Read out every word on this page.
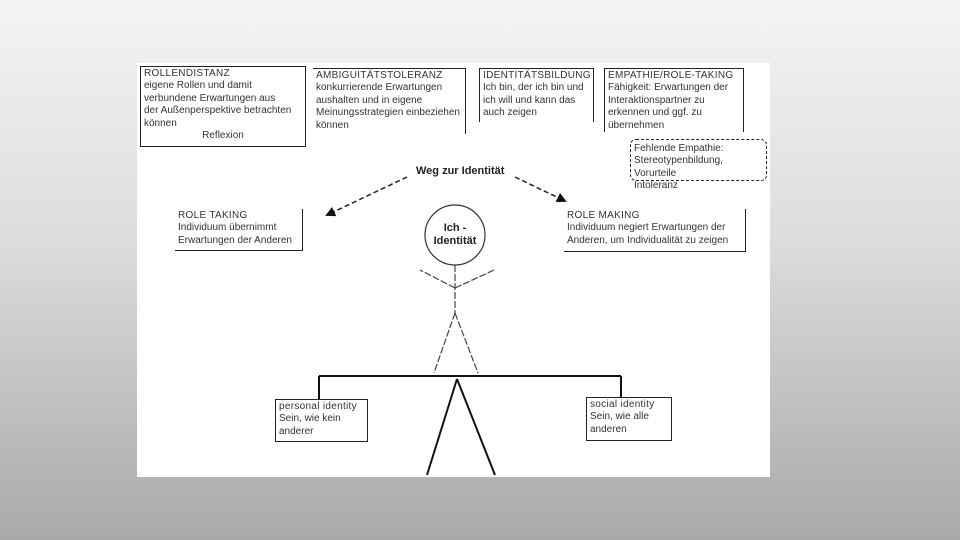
ROLLENDISTANZ
eigene Rollen und damit
verbundene Erwartungen aus
der Außenperspektive betrachten
können
Reflexion
AMBIGUITÄTSTOLERANZ
konkurrierende Erwartungen
aushalten und in eigene
Meinungsstrategien einbeziehen
können
IDENTITÄTSBILDUNG
Ich bin, der ich bin und
ich will und kann das
auch zeigen
EMPATHIE/ROLE-TAKING
Fähigkeit: Erwartungen der
Interaktionspartner zu
erkennen und ggf. zu
übernehmen
Fehlende Empathie:
Stereotypenbildung, Vorurteile
Intoleranz
Weg zur Identität
ROLE TAKING
Individuum übernimmt
Erwartungen der Anderen
ROLE MAKING
Individuum negiert Erwartungen der
Anderen, um Individualität zu zeigen
Ich -
Identität
personal identity
Sein, wie kein
anderer
social identity
Sein, wie alle
anderen
